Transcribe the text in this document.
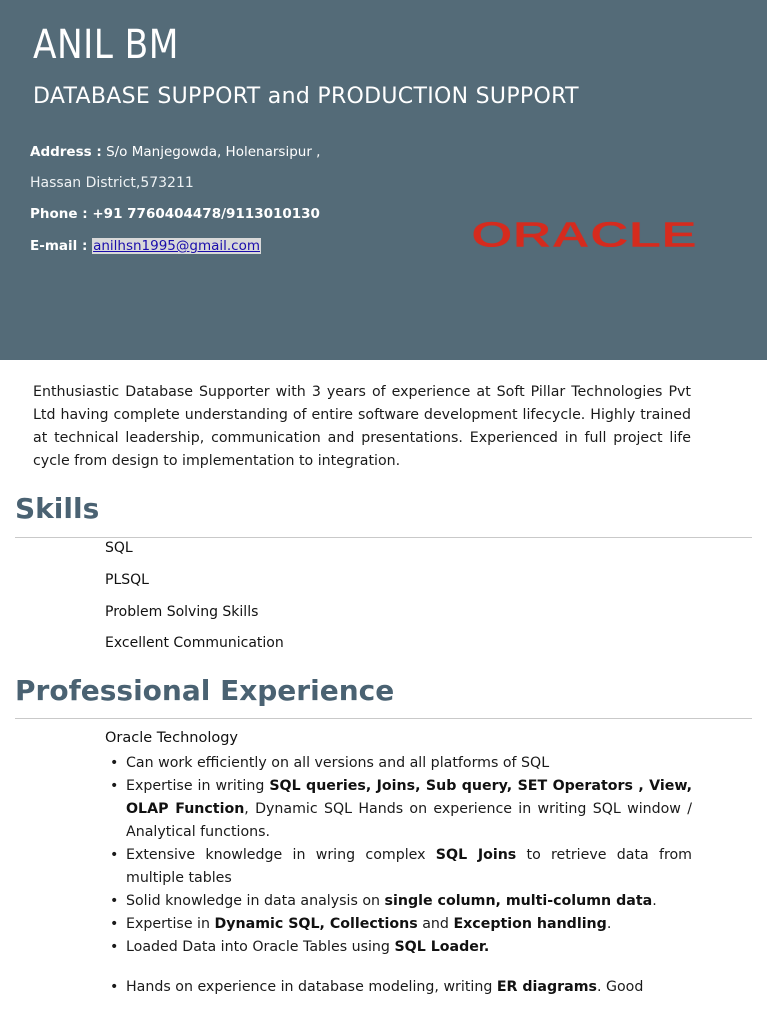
ANIL BM
DATABASE SUPPORT and PRODUCTION SUPPORT
Address : S/o Manjegowda, Holenarsipur ,
Hassan District,573211
Phone : +91 7760404478/9113010130
E-mail : anilhsn1995@gmail.com	ORACLE
Enthusiastic Database Supporter with 3 years of experience at Soft Pillar Technologies Pvt Ltd having complete understanding of entire software development lifecycle. Highly trained at technical leadership, communication and presentations. Experienced in full project life cycle from design to implementation to integration.
Skills
SQL
PLSQL
Problem Solving Skills
Excellent Communication
Professional Experience
Oracle Technology
• Can work efficiently on all versions and all platforms of SQL
• Expertise in writing SQL queries, Joins, Sub query, SET Operators , View, OLAP Function, Dynamic SQL Hands on experience in writing SQL window / Analytical functions.
• Extensive knowledge in wring complex SQL Joins to retrieve data from multiple tables
• Solid knowledge in data analysis on single column, multi-column data.
• Expertise in Dynamic SQL, Collections and Exception handling.
• Loaded Data into Oracle Tables using SQL Loader.
• Hands on experience in database modeling, writing ER diagrams. Good
